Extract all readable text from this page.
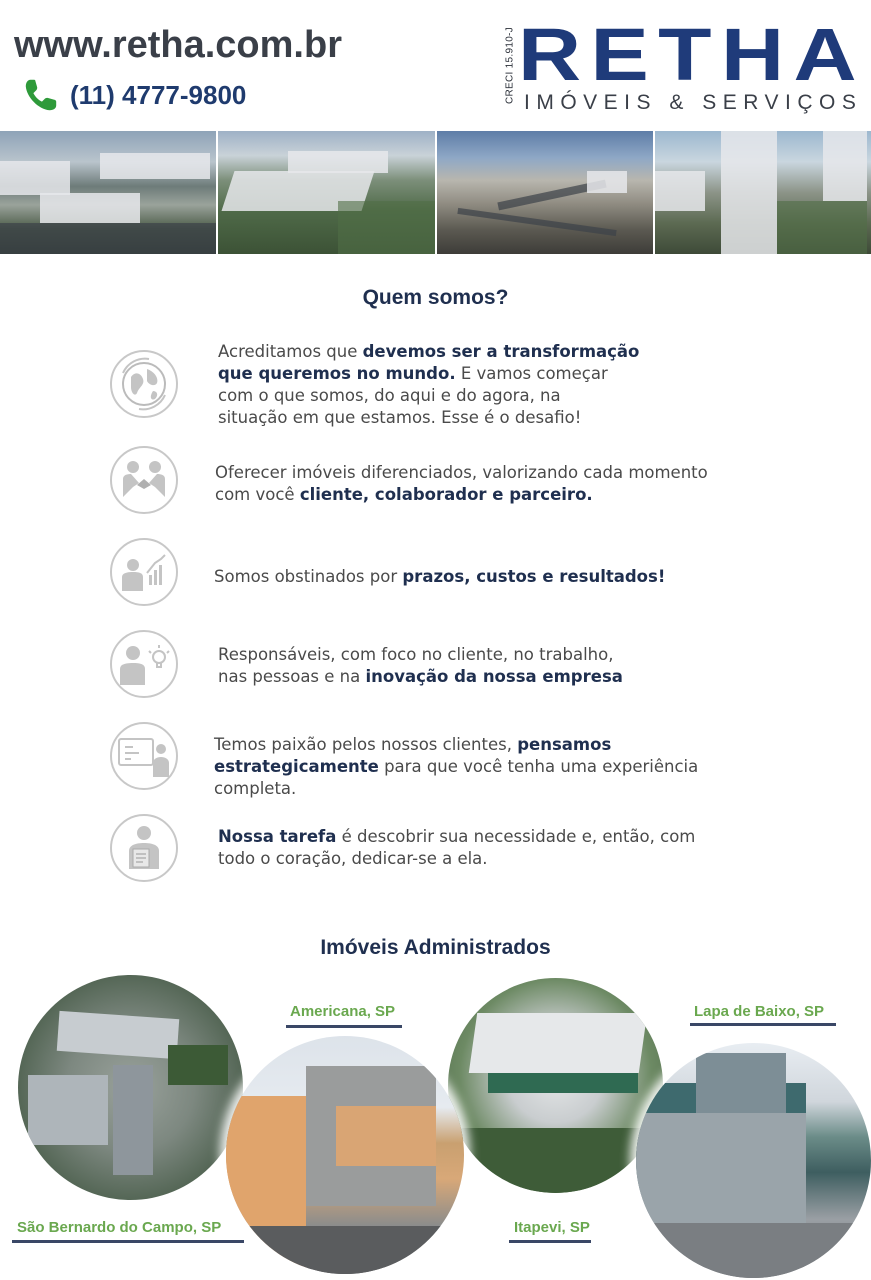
www.retha.com.br
(11) 4777-9800	CRECI 15.910-J RETHA
IMÓVEIS & SERVIÇOS
Quem somos?
Acreditamos que devemos ser a transformação
que queremos no mundo. E vamos começar
com o que somos, do aqui e do agora, na
situação em que estamos. Esse é o desafio!
Oferecer imóveis diferenciados, valorizando cada momento
com você cliente, colaborador e parceiro.
Somos obstinados por prazos, custos e resultados!
Responsáveis, com foco no cliente, no trabalho,
nas pessoas e na inovação da nossa empresa
Temos paixão pelos nossos clientes, pensamos
estrategicamente para que você tenha uma experiência
completa.
Nossa tarefa é descobrir sua necessidade e, então, com
todo o coração, dedicar-se a ela.
Imóveis Administrados
Americana, SP	Lapa de Baixo, SP
São Bernardo do Campo, SP	Itapevi, SP
